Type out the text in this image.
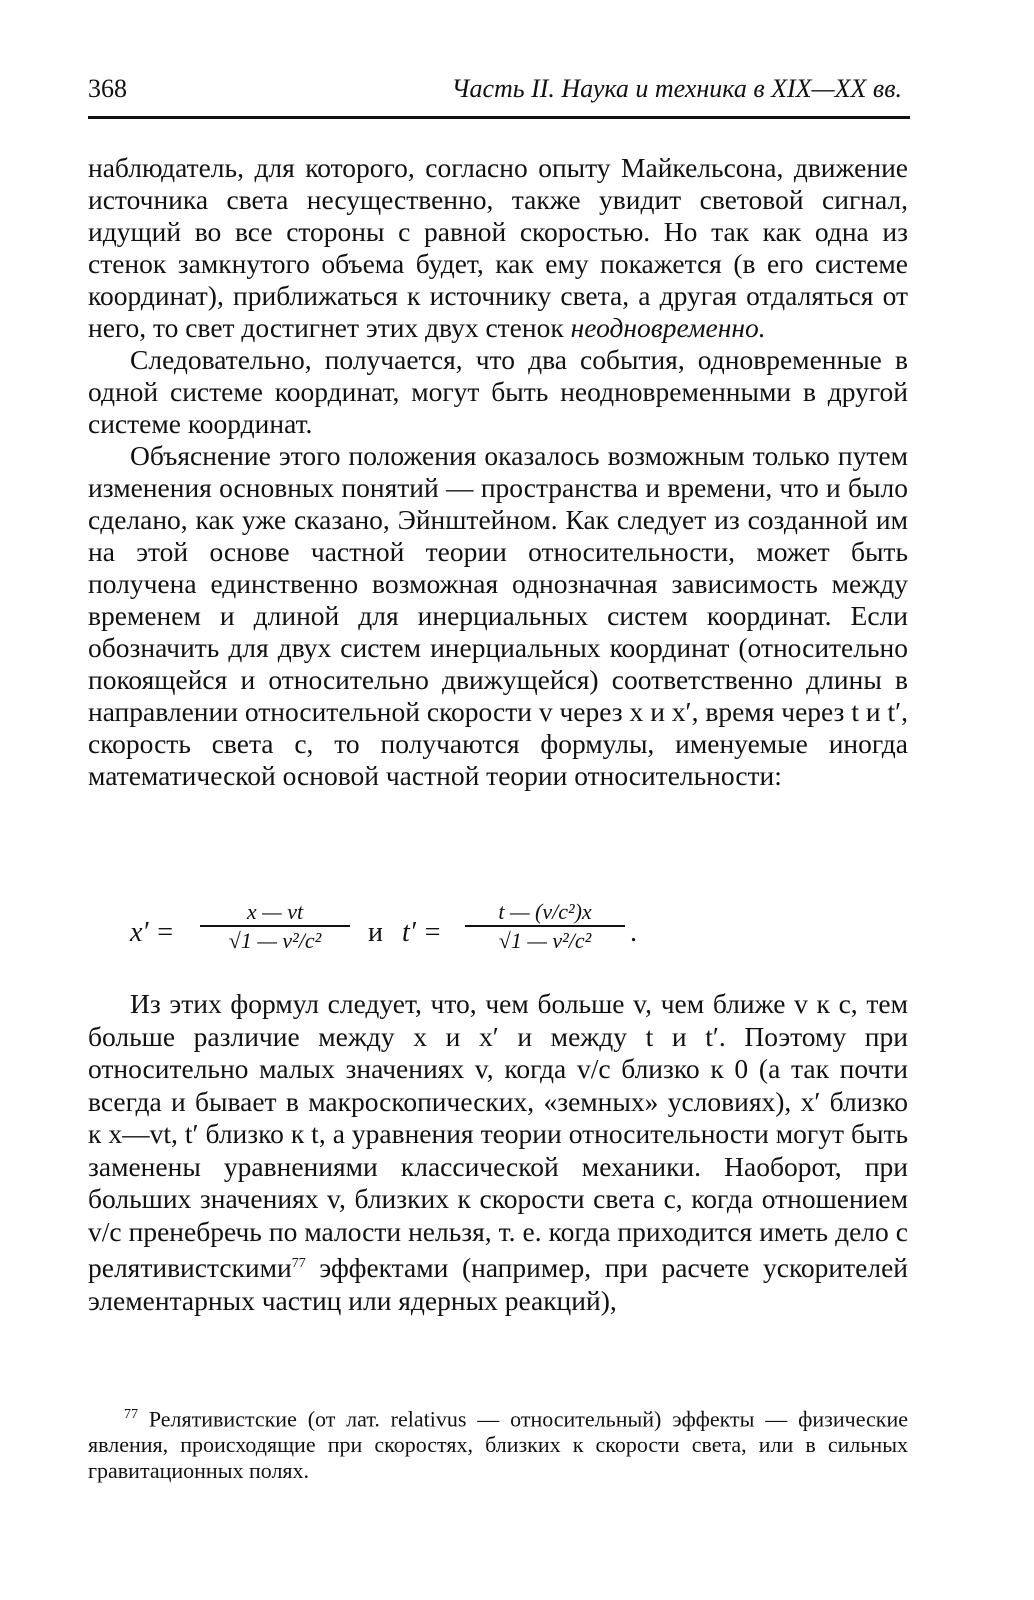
368	Часть II. Наука и техника в XIX—XX вв.

наблюдатель, для которого, согласно опыту Майкельсона, движение источника света несущественно, также увидит световой сигнал, идущий во все стороны с равной скоростью. Но так как одна из стенок замкнутого объема будет, как ему покажется (в его системе координат), приближаться к источнику света, а другая отдаляться от него, то свет достигнет этих двух стенок неодновременно.

Следовательно, получается, что два события, одновременные в одной системе координат, могут быть неодновременными в другой системе координат.

Объяснение этого положения оказалось возможным только путем изменения основных понятий — пространства и времени, что и было сделано, как уже сказано, Эйнштейном. Как следует из созданной им на этой основе частной теории относительности, может быть получена единственно возможная однозначная зависимость между временем и длиной для инерциальных систем координат. Если обозначить для двух систем инерциальных координат (относительно покоящейся и относительно движущейся) соответственно длины в направлении относительной скорости v через x и x′, время через t и t′, скорость света c, то получаются формулы, именуемые иногда математической основой частной теории относительности:

x′ =
x — vt
√1 — v²/c²	и t′ =
t — (v/c²)x
√1 — v²/c²	.

Из этих формул следует, что, чем больше v, чем ближе v к c, тем больше различие между x и x′ и между t и t′. Поэтому при относительно малых значениях v, когда v/c близко к 0 (а так почти всегда и бывает в макроскопических, «земных» условиях), x′ близко к x—vt, t′ близко к t, а уравнения теории относительности могут быть заменены уравнениями классической механики. Наоборот, при больших значениях v, близких к скорости света c, когда отношением v/c пренебречь по малости нельзя, т. е. когда приходится иметь дело с релятивистскими$^{77}$ эффектами (например, при расчете ускорителей элементарных частиц или ядерных реакций),

$^{77}$ Релятивистские (от лат. relativus — относительный) эффекты — физические явления, происходящие при скоростях, близких к скорости света, или в сильных гравитационных полях.
